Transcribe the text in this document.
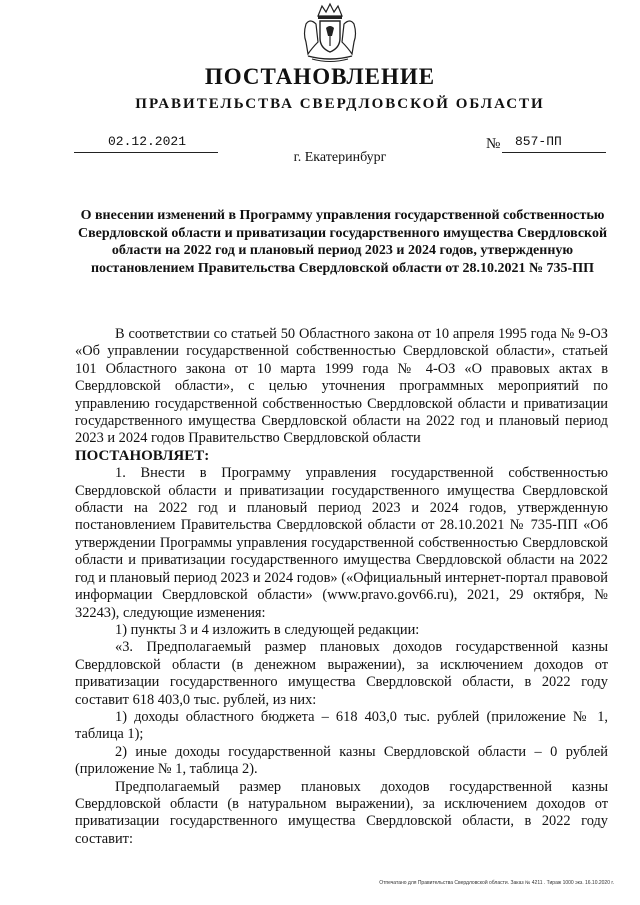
ПОСТАНОВЛЕНИЕ
ПРАВИТЕЛЬСТВА СВЕРДЛОВСКОЙ ОБЛАСТИ
02.12.2021	№ 857-ПП
г. Екатеринбург
О внесении изменений в Программу управления государственной собственностью Свердловской области и приватизации государственного имущества Свердловской области на 2022 год и плановый период 2023 и 2024 годов, утвержденную постановлением Правительства Свердловской области от 28.10.2021 № 735-ПП

В соответствии со статьей 50 Областного закона от 10 апреля 1995 года № 9-ОЗ «Об управлении государственной собственностью Свердловской области», статьей 101 Областного закона от 10 марта 1999 года № 4-ОЗ «О правовых актах в Свердловской области», с целью уточнения программных мероприятий по управлению государственной собственностью Свердловской области и приватизации государственного имущества Свердловской области на 2022 год и плановый период 2023 и 2024 годов Правительство Свердловской области

ПОСТАНОВЛЯЕТ:

1. Внести в Программу управления государственной собственностью Свердловской области и приватизации государственного имущества Свердловской области на 2022 год и плановый период 2023 и 2024 годов, утвержденную постановлением Правительства Свердловской области от 28.10.2021 № 735-ПП «Об утверждении Программы управления государственной собственностью Свердловской области и приватизации государственного имущества Свердловской области на 2022 год и плановый период 2023 и 2024 годов» («Официальный интернет-портал правовой информации Свердловской области» (www.pravo.gov66.ru), 2021, 29 октября, № 32243), следующие изменения:

1) пункты 3 и 4 изложить в следующей редакции:

«3. Предполагаемый размер плановых доходов государственной казны Свердловской области (в денежном выражении), за исключением доходов от приватизации государственного имущества Свердловской области, в 2022 году составит 618 403,0 тыс. рублей, из них:

1) доходы областного бюджета – 618 403,0 тыс. рублей (приложение № 1, таблица 1);

2) иные доходы государственной казны Свердловской области – 0 рублей (приложение № 1, таблица 2).

Предполагаемый размер плановых доходов государственной казны Свердловской области (в натуральном выражении), за исключением доходов от приватизации государственного имущества Свердловской области, в 2022 году составит:

Отпечатано для Правительства Свердловской области. Заказ № 4211 . Тираж 1000 экз. 16.10.2020 г.
